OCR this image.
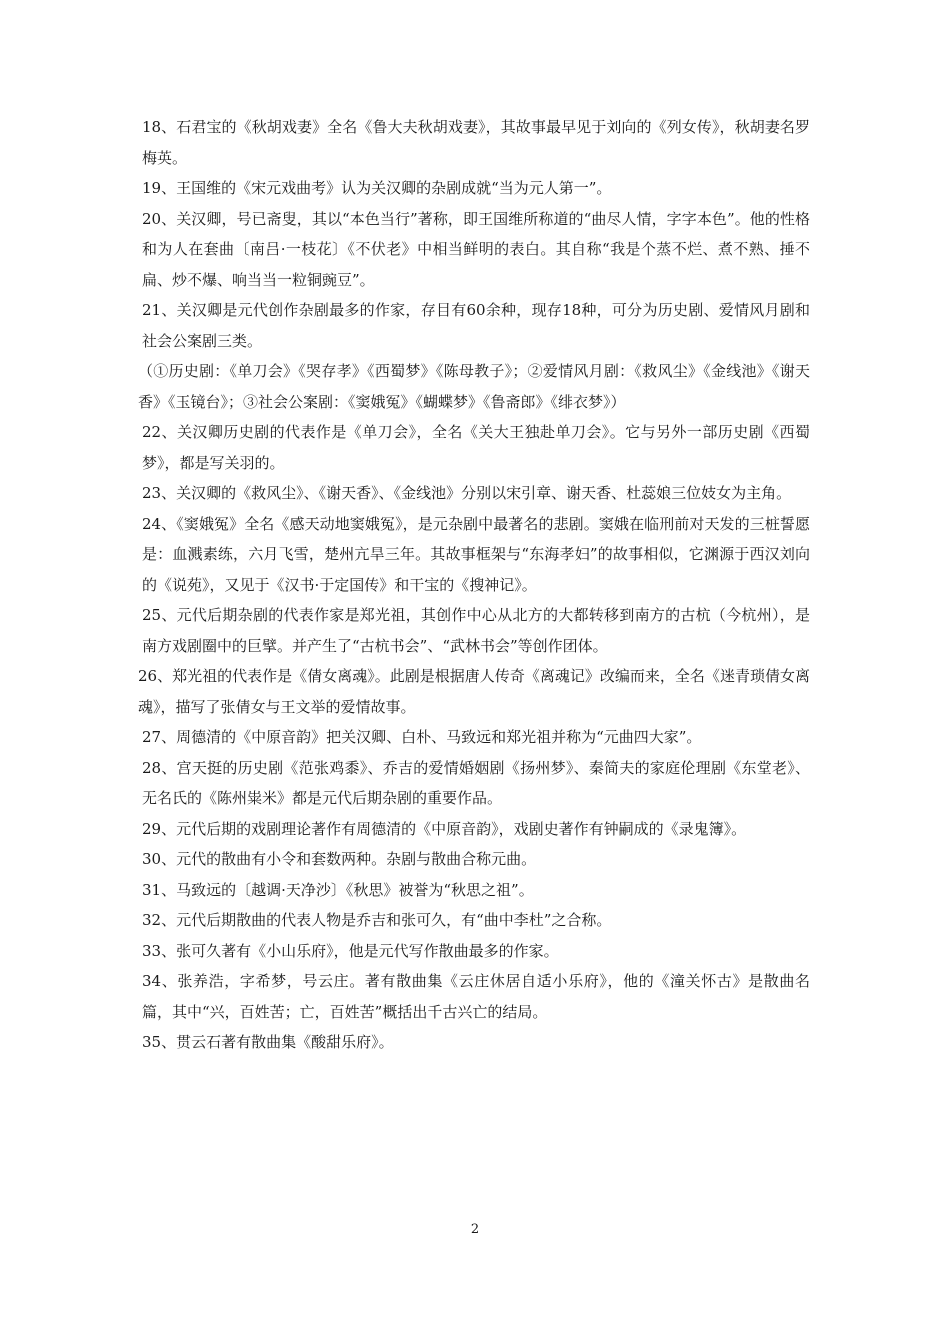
18、石君宝的《秋胡戏妻》全名《鲁大夫秋胡戏妻》，其故事最早见于刘向的《列女传》，秋胡妻名罗梅英。

19、王国维的《宋元戏曲考》认为关汉卿的杂剧成就“当为元人第一”。

20、关汉卿，号已斋叟，其以“本色当行”著称，即王国维所称道的“曲尽人情，字字本色”。他的性格和为人在套曲〔南吕·一枝花〕《不伏老》中相当鲜明的表白。其自称“我是个蒸不烂、煮不熟、捶不扁、炒不爆、响当当一粒铜豌豆”。

21、关汉卿是元代创作杂剧最多的作家，存目有60余种，现存18种，可分为历史剧、爱情风月剧和社会公案剧三类。

（①历史剧：《单刀会》《哭存孝》《西蜀梦》《陈母教子》；②爱情风月剧：《救风尘》《金线池》《谢天香》《玉镜台》；③社会公案剧：《窦娥冤》《蝴蝶梦》《鲁斋郎》《绯衣梦》）

22、关汉卿历史剧的代表作是《单刀会》，全名《关大王独赴单刀会》。它与另外一部历史剧《西蜀梦》，都是写关羽的。

23、关汉卿的《救风尘》、《谢天香》、《金线池》分别以宋引章、谢天香、杜蕊娘三位妓女为主角。

24、《窦娥冤》全名《感天动地窦娥冤》，是元杂剧中最著名的悲剧。窦娥在临刑前对天发的三桩誓愿是：血溅素练，六月飞雪，楚州亢旱三年。其故事框架与“东海孝妇”的故事相似，它渊源于西汉刘向的《说苑》，又见于《汉书·于定国传》和干宝的《搜神记》。

25、元代后期杂剧的代表作家是郑光祖，其创作中心从北方的大都转移到南方的古杭（今杭州），是南方戏剧圈中的巨擘。并产生了“古杭书会”、“武林书会”等创作团体。

26、郑光祖的代表作是《倩女离魂》。此剧是根据唐人传奇《离魂记》改编而来，全名《迷青琐倩女离魂》，描写了张倩女与王文举的爱情故事。

27、周德清的《中原音韵》把关汉卿、白朴、马致远和郑光祖并称为“元曲四大家”。

28、宫天挺的历史剧《范张鸡黍》、乔吉的爱情婚姻剧《扬州梦》、秦简夫的家庭伦理剧《东堂老》、无名氏的《陈州粜米》都是元代后期杂剧的重要作品。

29、元代后期的戏剧理论著作有周德清的《中原音韵》，戏剧史著作有钟嗣成的《录鬼簿》。

30、元代的散曲有小令和套数两种。杂剧与散曲合称元曲。

31、马致远的〔越调·天净沙〕《秋思》被誉为“秋思之祖”。

32、元代后期散曲的代表人物是乔吉和张可久，有“曲中李杜”之合称。

33、张可久著有《小山乐府》，他是元代写作散曲最多的作家。

34、张养浩，字希梦，号云庄。著有散曲集《云庄休居自适小乐府》，他的《潼关怀古》是散曲名篇，其中“兴，百姓苦；亡，百姓苦”概括出千古兴亡的结局。

35、贯云石著有散曲集《酸甜乐府》。

2
